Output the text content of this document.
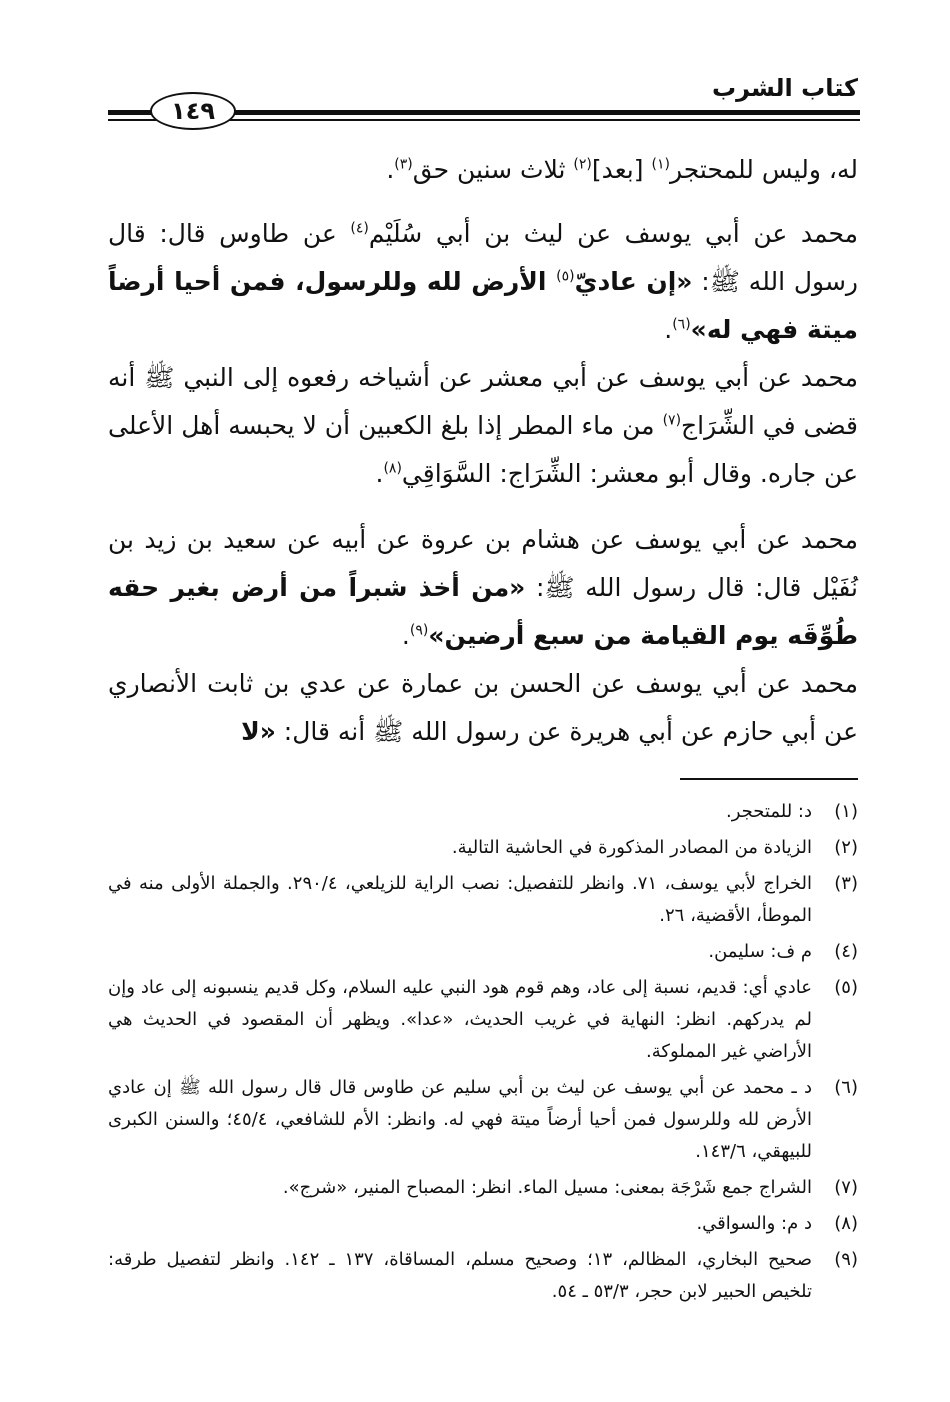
كتاب الشرب
١٤٩
له، وليس للمحتجر$^{(١)}$ [بعد]$^{(٢)}$ ثلاث سنين حق$^{(٣)}$.
محمد عن أبي يوسف عن ليث بن أبي سُلَيْم$^{(٤)}$ عن طاوس قال: قال رسول الله ﷺ: «إن عاديّ$^{(٥)}$ الأرض لله وللرسول، فمن أحيا أرضاً ميتة فهي له»$^{(٦)}$.
محمد عن أبي يوسف عن أبي معشر عن أشياخه رفعوه إلى النبي ﷺ أنه قضى في الشِّرَاج$^{(٧)}$ من ماء المطر إذا بلغ الكعبين أن لا يحبسه أهل الأعلى عن جاره. وقال أبو معشر: الشِّرَاج: السَّوَاقِي$^{(٨)}$.
محمد عن أبي يوسف عن هشام بن عروة عن أبيه عن سعيد بن زيد بن نُفَيْل قال: قال رسول الله ﷺ: «من أخذ شبراً من أرض بغير حقه طُوِّقَه يوم القيامة من سبع أرضين»$^{(٩)}$.
محمد عن أبي يوسف عن الحسن بن عمارة عن عدي بن ثابت الأنصاري عن أبي حازم عن أبي هريرة عن رسول الله ﷺ أنه قال: «لا
(١)
د: للمتحجر.
(٢)
الزيادة من المصادر المذكورة في الحاشية التالية.
(٣)
الخراج لأبي يوسف، ٧١. وانظر للتفصيل: نصب الراية للزيلعي، ٢٩٠/٤. والجملة الأولى منه في الموطأ، الأقضية، ٢٦.
(٤)
م ف: سليمن.
(٥)
عادي أي: قديم، نسبة إلى عاد، وهم قوم هود النبي عليه السلام، وكل قديم ينسبونه إلى عاد وإن لم يدركهم. انظر: النهاية في غريب الحديث، «عدا». ويظهر أن المقصود في الحديث هي الأراضي غير المملوكة.
(٦)
د ـ محمد عن أبي يوسف عن ليث بن أبي سليم عن طاوس قال قال رسول الله ﷺ إن عادي الأرض لله وللرسول فمن أحيا أرضاً ميتة فهي له. وانظر: الأم للشافعي، ٤٥/٤؛ والسنن الكبرى للبيهقي، ١٤٣/٦.
(٧)
الشراج جمع شَرْجَة بمعنى: مسيل الماء. انظر: المصباح المنير، «شرج».
(٨)
د م: والسواقي.
(٩)
صحيح البخاري، المظالم، ١٣؛ وصحيح مسلم، المساقاة، ١٣٧ ـ ١٤٢. وانظر لتفصيل طرقه: تلخيص الحبير لابن حجر، ٥٣/٣ ـ ٥٤.
